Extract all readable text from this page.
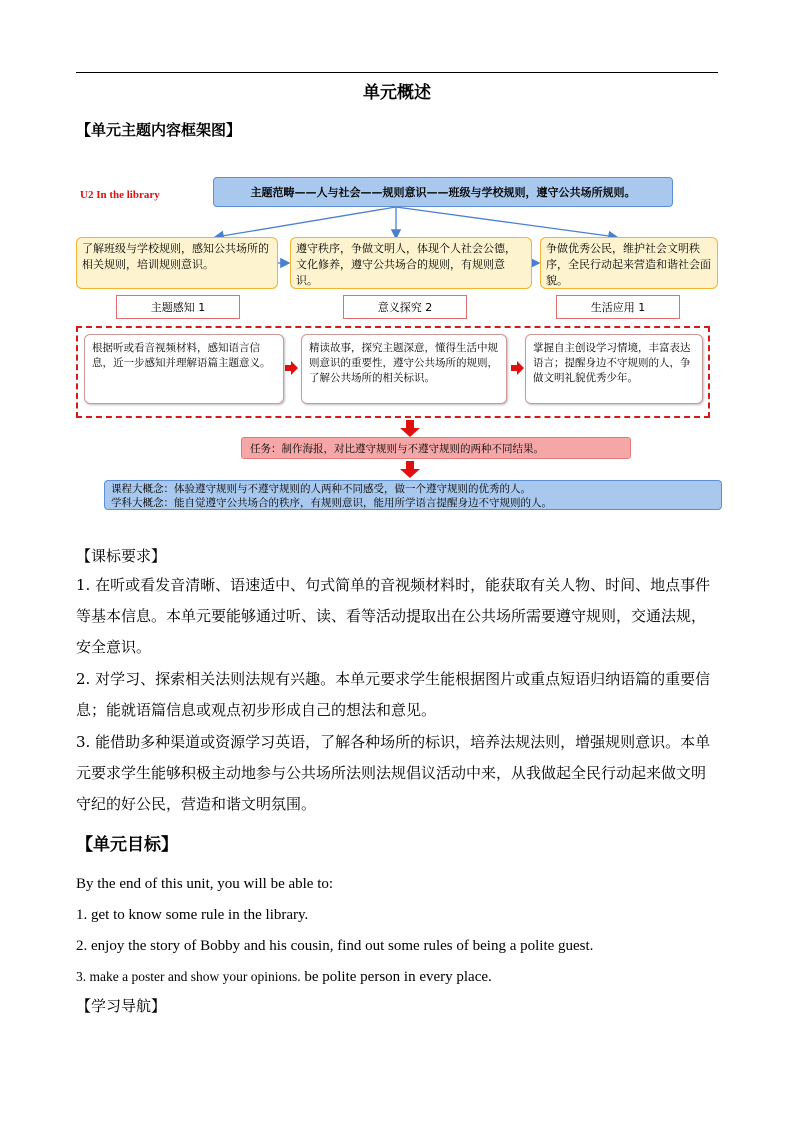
单元概述
【单元主题内容框架图】
U2 In the library	主题范畴——人与社会——规则意识——班级与学校规则，遵守公共场所规则。
了解班级与学校规则，感知公共场所的相关规则，培训规则意识。
遵守秩序，争做文明人，体现个人社会公德，文化修养，遵守公共场合的规则，有规则意识。
争做优秀公民，维护社会文明秩序，全民行动起来营造和谐社会面貌。
主题感知 1	意义探究 2	生活应用 1
根据听或看音视频材料，感知语言信息，近一步感知并理解语篇主题意义。
精读故事，探究主题深意，懂得生活中规则意识的重要性，遵守公共场所的规则，了解公共场所的相关标识。
掌握自主创设学习情境，丰富表达语言；提醒身边不守规则的人，争做文明礼貌优秀少年。
任务：制作海报，对比遵守规则与不遵守规则的两种不同结果。
课程大概念：体验遵守规则与不遵守规则的人两种不同感受，做一个遵守规则的优秀的人。
学科大概念：能自觉遵守公共场合的秩序，有规则意识，能用所学语言提醒身边不守规则的人。
【课标要求】
1. 在听或看发音清晰、语速适中、句式简单的音视频材料时，能获取有关人物、时间、地点事件等基本信息。本单元要能够通过听、读、看等活动提取出在公共场所需要遵守规则，交通法规，安全意识。
2. 对学习、探索相关法则法规有兴趣。本单元要求学生能根据图片或重点短语归纳语篇的重要信息；能就语篇信息或观点初步形成自己的想法和意见。
3. 能借助多种渠道或资源学习英语，了解各种场所的标识，培养法规法则，增强规则意识。本单元要求学生能够积极主动地参与公共场所法则法规倡议活动中来，从我做起全民行动起来做文明守纪的好公民，营造和谐文明氛围。
【单元目标】
By the end of this unit, you will be able to:
1. get to know some rule in the library.
2. enjoy the story of Bobby and his cousin, find out some rules of being a polite guest.
3. make a poster and show your opinions. be polite person in every place.
【学习导航】
